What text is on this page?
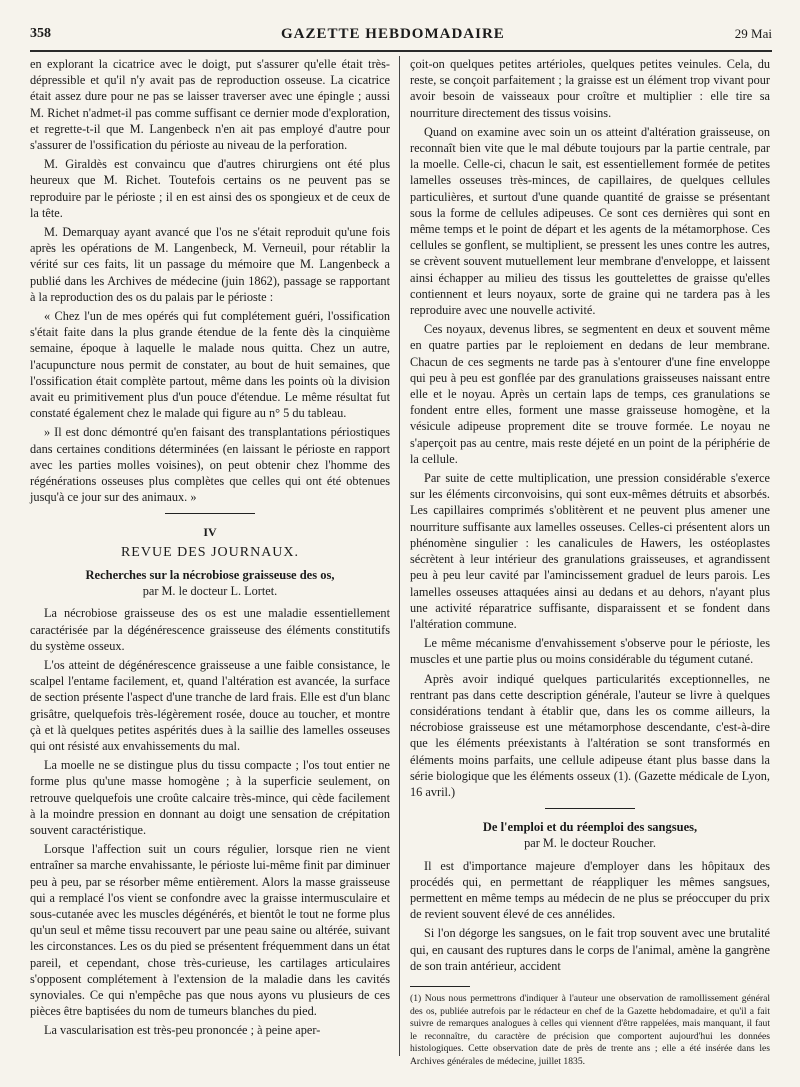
358	GAZETTE HEBDOMADAIRE	29 Mai

en explorant la cicatrice avec le doigt, put s'assurer qu'elle était très-dépressible et qu'il n'y avait pas de reproduction osseuse. La cicatrice était assez dure pour ne pas se laisser traverser avec une épingle ; aussi M. Richet n'admet-il pas comme suffisant ce dernier mode d'exploration, et regrette-t-il que M. Langenbeck n'en ait pas employé d'autre pour s'assurer de l'ossification du périoste au niveau de la perforation.

M. Giraldès est convaincu que d'autres chirurgiens ont été plus heureux que M. Richet. Toutefois certains os ne peuvent pas se reproduire par le périoste ; il en est ainsi des os spongieux et de ceux de la tête.

M. Demarquay ayant avancé que l'os ne s'était reproduit qu'une fois après les opérations de M. Langenbeck, M. Verneuil, pour rétablir la vérité sur ces faits, lit un passage du mémoire que M. Langenbeck a publié dans les Archives de médecine (juin 1862), passage se rapportant à la reproduction des os du palais par le périoste :

« Chez l'un de mes opérés qui fut complétement guéri, l'ossification s'était faite dans la plus grande étendue de la fente dès la cinquième semaine, époque à laquelle le malade nous quitta. Chez un autre, l'acupuncture nous permit de constater, au bout de huit semaines, que l'ossification était complète partout, même dans les points où la division avait eu primitivement plus d'un pouce d'étendue. Le même résultat fut constaté également chez le malade qui figure au n° 5 du tableau.

» Il est donc démontré qu'en faisant des transplantations périostiques dans certaines conditions déterminées (en laissant le périoste en rapport avec les parties molles voisines), on peut obtenir chez l'homme des régénérations osseuses plus complètes que celles qui ont été obtenues jusqu'à ce jour sur des animaux. »

IV
REVUE DES JOURNAUX.
Recherches sur la nécrobiose graisseuse des os,
par M. le docteur L. Lortet.

La nécrobiose graisseuse des os est une maladie essentiellement caractérisée par la dégénérescence graisseuse des éléments constitutifs du système osseux.

L'os atteint de dégénérescence graisseuse a une faible consistance, le scalpel l'entame facilement, et, quand l'altération est avancée, la surface de section présente l'aspect d'une tranche de lard frais. Elle est d'un blanc grisâtre, quelquefois très-légèrement rosée, douce au toucher, et montre çà et là quelques petites aspérités dues à la saillie des lamelles osseuses qui ont résisté aux envahissements du mal.

La moelle ne se distingue plus du tissu compacte ; l'os tout entier ne forme plus qu'une masse homogène ; à la superficie seulement, on retrouve quelquefois une croûte calcaire très-mince, qui cède facilement à la moindre pression en donnant au doigt une sensation de crépitation souvent caractéristique.

Lorsque l'affection suit un cours régulier, lorsque rien ne vient entraîner sa marche envahissante, le périoste lui-même finit par diminuer peu à peu, par se résorber même entièrement. Alors la masse graisseuse qui a remplacé l'os vient se confondre avec la graisse intermusculaire et sous-cutanée avec les muscles dégénérés, et bientôt le tout ne forme plus qu'un seul et même tissu recouvert par une peau saine ou altérée, suivant les circonstances. Les os du pied se présentent fréquemment dans un état pareil, et cependant, chose très-curieuse, les cartilages articulaires s'opposent complétement à l'extension de la maladie dans les cavités synoviales. Ce qui n'empêche pas que nous ayons vu plusieurs de ces pièces être baptisées du nom de tumeurs blanches du pied.

La vascularisation est très-peu prononcée ; à peine aper-

çoit-on quelques petites artérioles, quelques petites veinules. Cela, du reste, se conçoit parfaitement ; la graisse est un élément trop vivant pour avoir besoin de vaisseaux pour croître et multiplier : elle tire sa nourriture directement des tissus voisins.

Quand on examine avec soin un os atteint d'altération graisseuse, on reconnaît bien vite que le mal débute toujours par la partie centrale, par la moelle. Celle-ci, chacun le sait, est essentiellement formée de petites lamelles osseuses très-minces, de capillaires, de quelques cellules particulières, et surtout d'une quande quantité de graisse se présentant sous la forme de cellules adipeuses. Ce sont ces dernières qui sont en même temps et le point de départ et les agents de la métamorphose. Ces cellules se gonflent, se multiplient, se pressent les unes contre les autres, se crèvent souvent mutuellement leur membrane d'enveloppe, et laissent ainsi échapper au milieu des tissus les gouttelettes de graisse qu'elles contiennent et leurs noyaux, sorte de graine qui ne tardera pas à les reproduire avec une nouvelle activité.

Ces noyaux, devenus libres, se segmentent en deux et souvent même en quatre parties par le reploiement en dedans de leur membrane. Chacun de ces segments ne tarde pas à s'entourer d'une fine enveloppe qui peu à peu est gonflée par des granulations graisseuses naissant entre elle et le noyau. Après un certain laps de temps, ces granulations se fondent entre elles, forment une masse graisseuse homogène, et la vésicule adipeuse proprement dite se trouve formée. Le noyau ne s'aperçoit pas au centre, mais reste déjeté en un point de la périphérie de la cellule.

Par suite de cette multiplication, une pression considérable s'exerce sur les éléments circonvoisins, qui sont eux-mêmes détruits et absorbés. Les capillaires comprimés s'oblitèrent et ne peuvent plus amener une nourriture suffisante aux lamelles osseuses. Celles-ci présentent alors un phénomène singulier : les canalicules de Hawers, les ostéoplastes sécrètent à leur intérieur des granulations graisseuses, et agrandissent peu à peu leur cavité par l'amincissement graduel de leurs parois. Les lamelles osseuses attaquées ainsi au dedans et au dehors, n'ayant plus une activité réparatrice suffisante, disparaissent et se fondent dans l'altération commune.

Le même mécanisme d'envahissement s'observe pour le périoste, les muscles et une partie plus ou moins considérable du tégument cutané.

Après avoir indiqué quelques particularités exceptionnelles, ne rentrant pas dans cette description générale, l'auteur se livre à quelques considérations tendant à établir que, dans les os comme ailleurs, la nécrobiose graisseuse est une métamorphose descendante, c'est-à-dire que les éléments préexistants à l'altération se sont transformés en éléments moins parfaits, une cellule adipeuse étant plus basse dans la série biologique que les éléments osseux (1). (Gazette médicale de Lyon, 16 avril.)

De l'emploi et du réemploi des sangsues,
par M. le docteur Roucher.

Il est d'importance majeure d'employer dans les hôpitaux des procédés qui, en permettant de réappliquer les mêmes sangsues, permettent en même temps au médecin de ne plus se préoccuper du prix de revient souvent élevé de ces annélides.

Si l'on dégorge les sangsues, on le fait trop souvent avec une brutalité qui, en causant des ruptures dans le corps de l'animal, amène la gangrène de son train antérieur, accident

(1) Nous nous permettrons d'indiquer à l'auteur une observation de ramollissement général des os, publiée autrefois par le rédacteur en chef de la Gazette hebdomadaire, et qu'il a fait suivre de remarques analogues à celles qui viennent d'être rappelées, mais manquant, il faut le reconnaître, du caractère de précision que comportent aujourd'hui les données histologiques. Cette observation date de près de trente ans ; elle a été insérée dans les Archives générales de médecine, juillet 1835.
